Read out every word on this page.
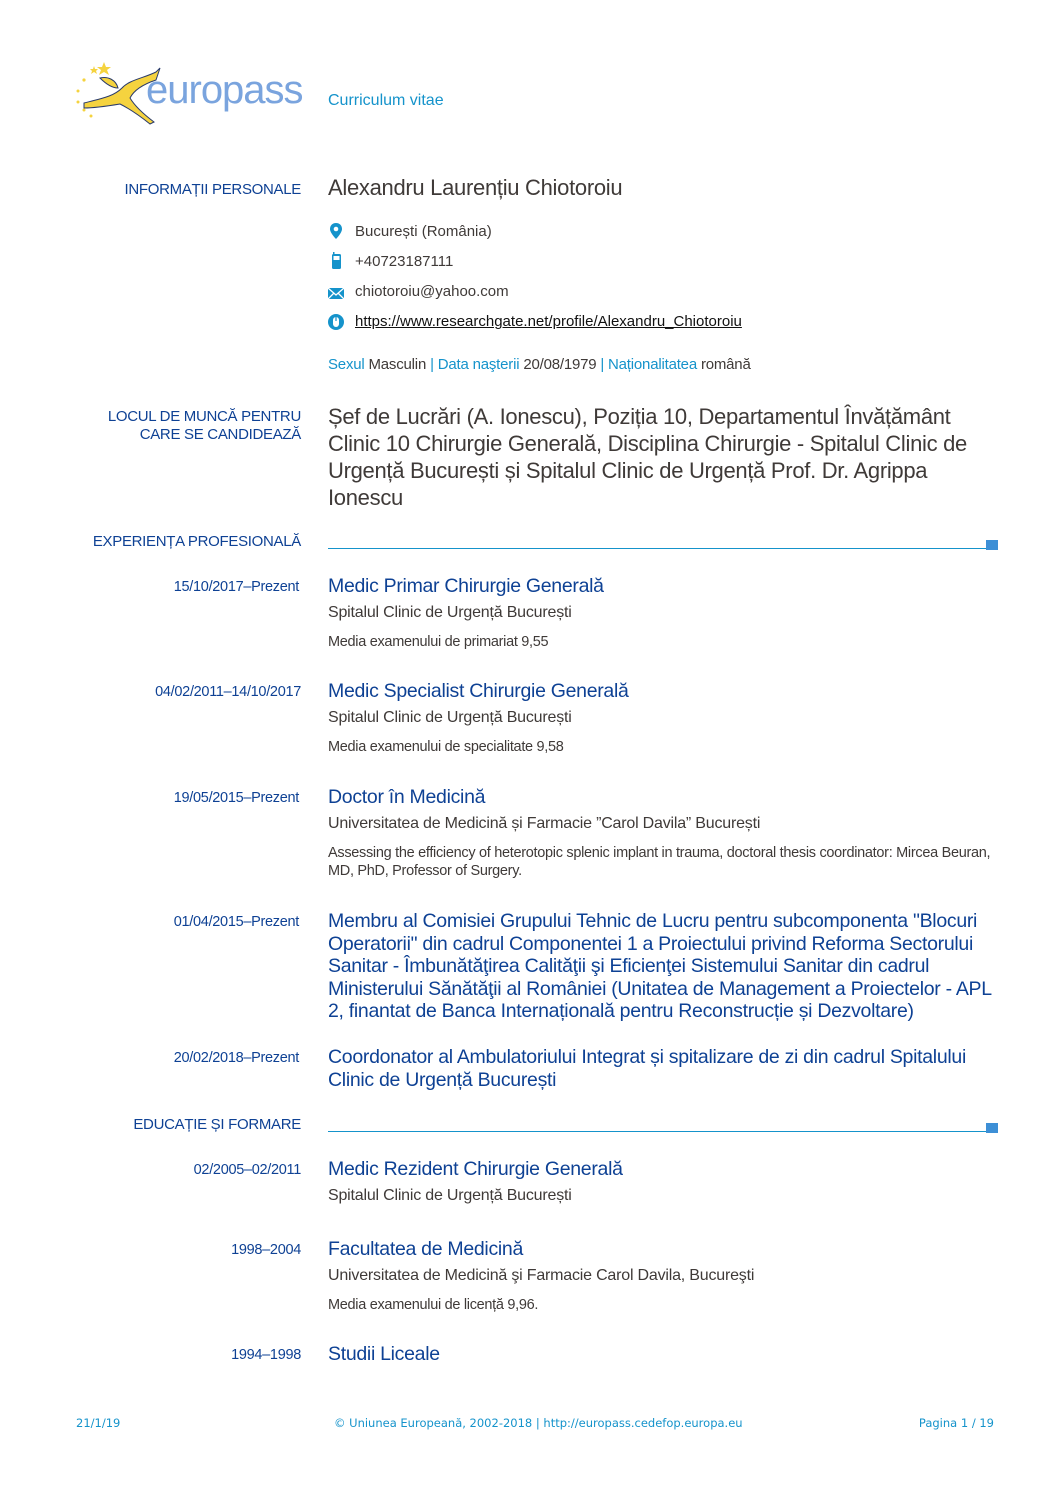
europass Curriculum vitae
INFORMAȚII PERSONALE Alexandru Laurențiu Chiotoroiu
București (România)
+40723187111
chiotoroiu@yahoo.com
https://www.researchgate.net/profile/Alexandru_Chiotoroiu
Sexul Masculin | Data naşterii 20/08/1979 | Naționalitatea română
LOCUL DE MUNCĂ PENTRU
CARE SE CANDIDEAZĂ
Șef de Lucrări (A. Ionescu), Poziția 10, Departamentul Învățământ Clinic 10 Chirurgie Generală, Disciplina Chirurgie - Spitalul Clinic de Urgență București și Spitalul Clinic de Urgență Prof. Dr. Agrippa Ionescu
EXPERIENȚA PROFESIONALĂ
15/10/2017–Prezent Medic Primar Chirurgie Generală
Spitalul Clinic de Urgență București
Media examenului de primariat 9,55
04/02/2011–14/10/2017 Medic Specialist Chirurgie Generală
Spitalul Clinic de Urgență București
Media examenului de specialitate 9,58
19/05/2015–Prezent Doctor în Medicină
Universitatea de Medicină și Farmacie ”Carol Davila” București
Assessing the efficiency of heterotopic splenic implant in trauma, doctoral thesis coordinator: Mircea Beuran, MD, PhD, Professor of Surgery.
01/04/2015–Prezent Membru al Comisiei Grupului Tehnic de Lucru pentru subcomponenta "Blocuri Operatorii" din cadrul Componentei 1 a Proiectului privind Reforma Sectorului Sanitar - Îmbunătăţirea Calităţii şi Eficienţei Sistemului Sanitar din cadrul Ministerului Sănătăţii al României (Unitatea de Management a Proiectelor - APL 2, finantat de Banca Internațională pentru Reconstrucție și Dezvoltare)
20/02/2018–Prezent Coordonator al Ambulatoriului Integrat și spitalizare de zi din cadrul Spitalului Clinic de Urgență București
EDUCAȚIE ȘI FORMARE
02/2005–02/2011 Medic Rezident Chirurgie Generală
Spitalul Clinic de Urgență București
1998–2004 Facultatea de Medicină
Universitatea de Medicină şi Farmacie Carol Davila, Bucureşti
Media examenului de licență 9,96.
1994–1998 Studii Liceale
21/1/19	© Uniunea Europeană, 2002-2018 | http://europass.cedefop.europa.eu	Pagina 1 / 19
